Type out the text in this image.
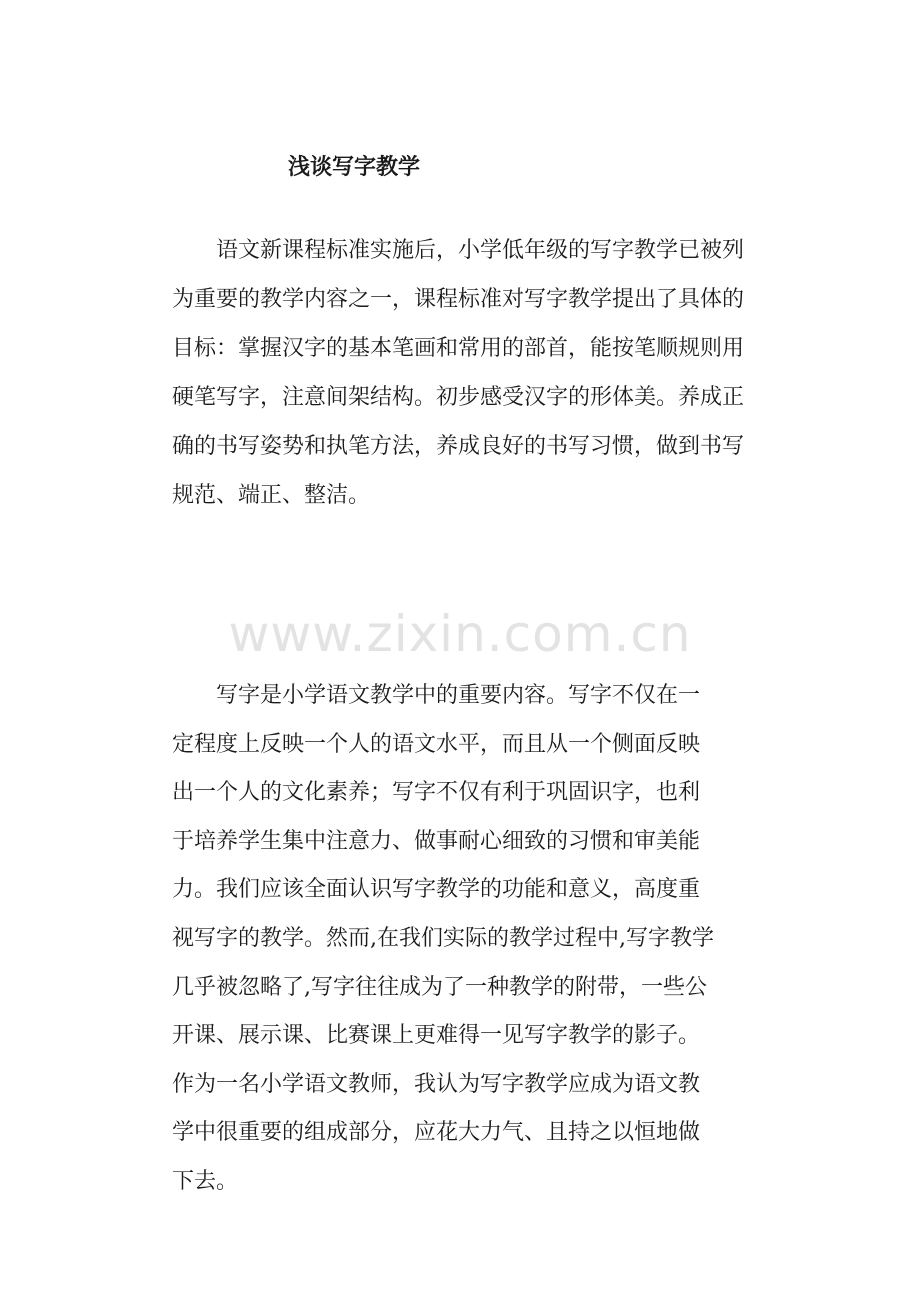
浅谈写字教学
　　语文新课程标准实施后，小学低年级的写字教学已被列
为重要的教学内容之一，课程标准对写字教学提出了具体的
目标：掌握汉字的基本笔画和常用的部首，能按笔顺规则用
硬笔写字，注意间架结构。初步感受汉字的形体美。养成正
确的书写姿势和执笔方法，养成良好的书写习惯，做到书写
规范、端正、整洁。
www.zixin.com.cn
　　写字是小学语文教学中的重要内容。写字不仅在一
定程度上反映一个人的语文水平，而且从一个侧面反映
出一个人的文化素养；写字不仅有利于巩固识字，也利
于培养学生集中注意力、做事耐心细致的习惯和审美能
力。我们应该全面认识写字教学的功能和意义，高度重
视写字的教学。然而,在我们实际的教学过程中,写字教学
几乎被忽略了,写字往往成为了一种教学的附带，一些公
开课、展示课、比赛课上更难得一见写字教学的影子。
作为一名小学语文教师，我认为写字教学应成为语文教
学中很重要的组成部分，应花大力气、且持之以恒地做
下去。
